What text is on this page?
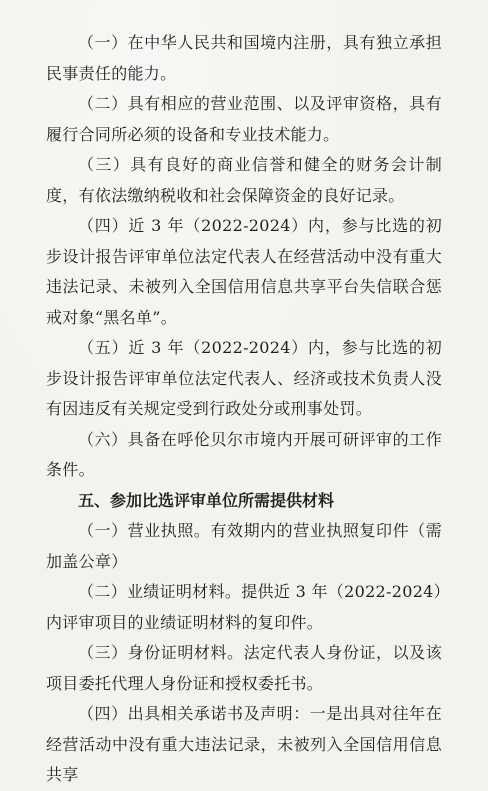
（一）在中华人民共和国境内注册，具有独立承担民事责任的能力。

（二）具有相应的营业范围、以及评审资格，具有履行合同所必须的设备和专业技术能力。

（三）具有良好的商业信誉和健全的财务会计制度，有依法缴纳税收和社会保障资金的良好记录。

（四）近 3 年（2022-2024）内，参与比选的初步设计报告评审单位法定代表人在经营活动中没有重大违法记录、未被列入全国信用信息共享平台失信联合惩戒对象“黑名单”。

（五）近 3 年（2022-2024）内，参与比选的初步设计报告评审单位法定代表人、经济或技术负责人没有因违反有关规定受到行政处分或刑事处罚。

（六）具备在呼伦贝尔市境内开展可研评审的工作条件。

五、参加比选评审单位所需提供材料

（一）营业执照。有效期内的营业执照复印件（需加盖公章）

（二）业绩证明材料。提供近 3 年（2022-2024）内评审项目的业绩证明材料的复印件。

（三）身份证明材料。法定代表人身份证，以及该项目委托代理人身份证和授权委托书。

（四）出具相关承诺书及声明：一是出具对往年在经营活动中没有重大违法记录，未被列入全国信用信息共享
